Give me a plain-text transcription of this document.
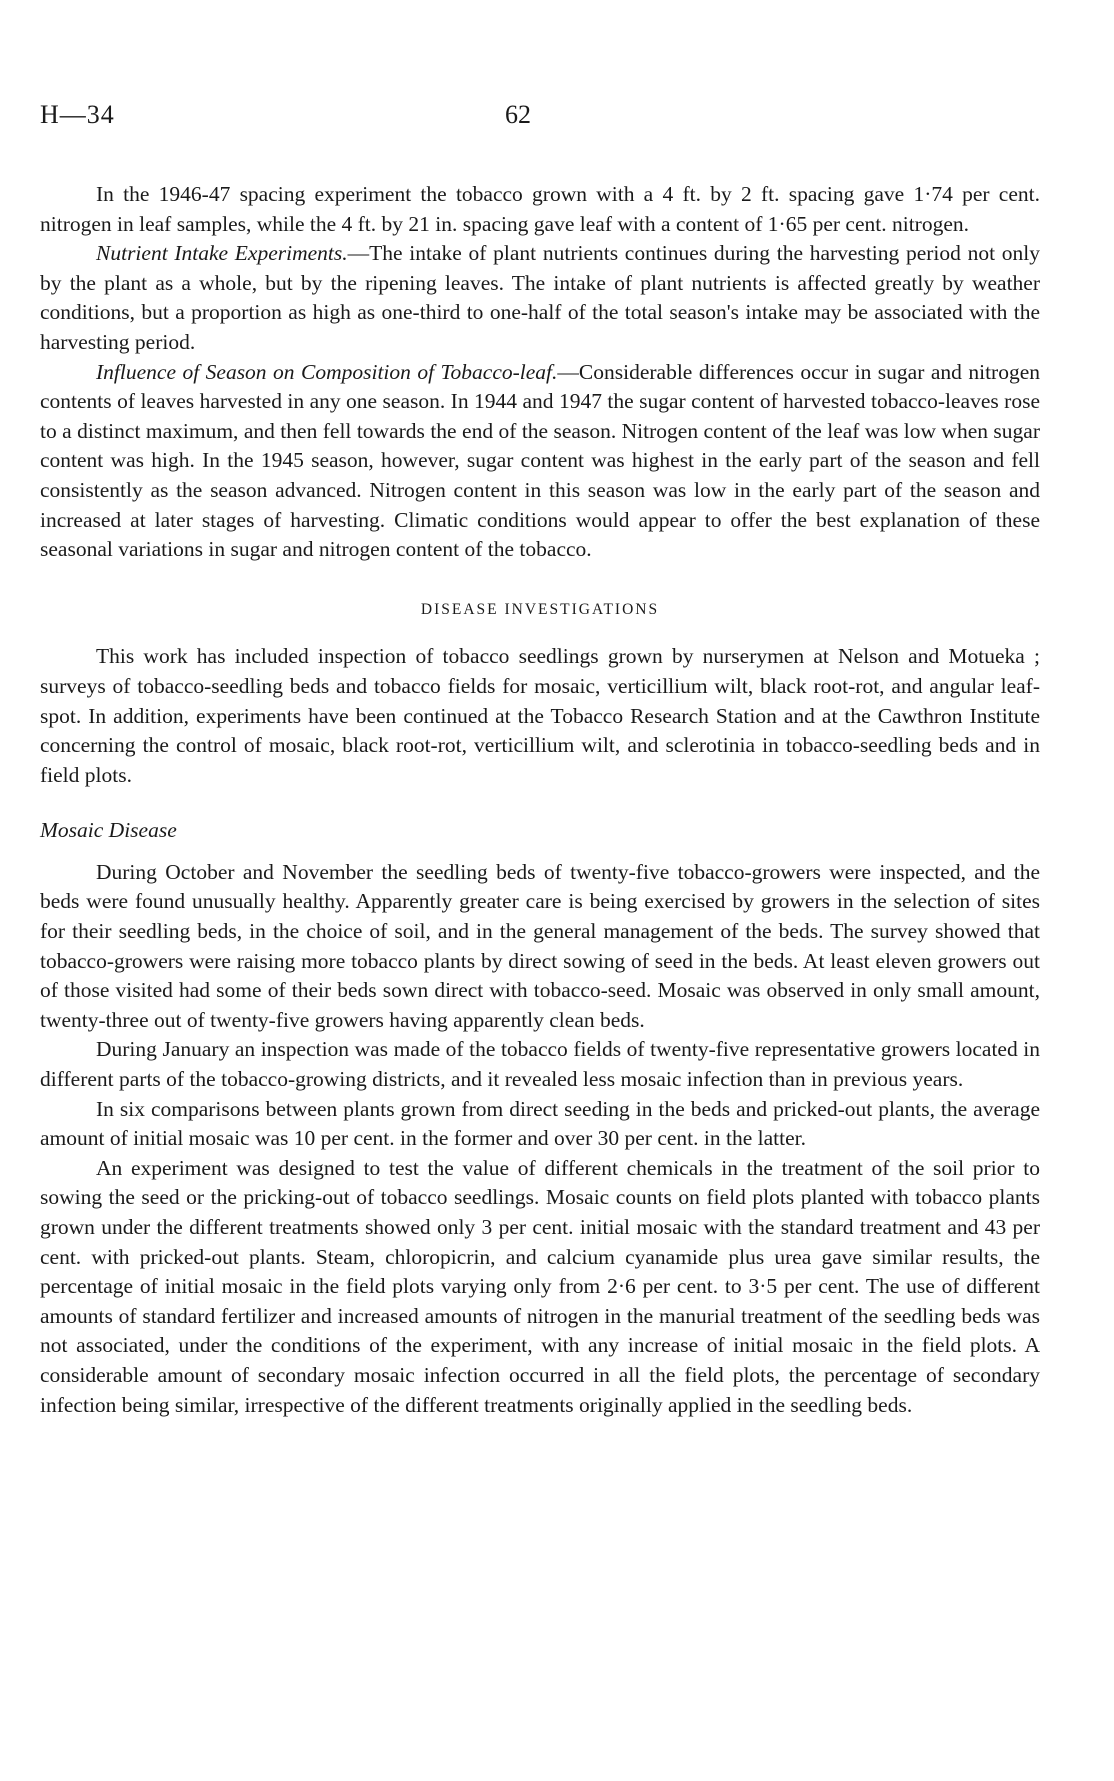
H—34	62

In the 1946-47 spacing experiment the tobacco grown with a 4 ft. by 2 ft. spacing gave 1·74 per cent. nitrogen in leaf samples, while the 4 ft. by 21 in. spacing gave leaf with a content of 1·65 per cent. nitrogen.

Nutrient Intake Experiments.—The intake of plant nutrients continues during the harvesting period not only by the plant as a whole, but by the ripening leaves. The intake of plant nutrients is affected greatly by weather conditions, but a proportion as high as one-third to one-half of the total season's intake may be associated with the harvesting period.

Influence of Season on Composition of Tobacco-leaf.—Considerable differences occur in sugar and nitrogen contents of leaves harvested in any one season. In 1944 and 1947 the sugar content of harvested tobacco-leaves rose to a distinct maximum, and then fell towards the end of the season. Nitrogen content of the leaf was low when sugar content was high. In the 1945 season, however, sugar content was highest in the early part of the season and fell consistently as the season advanced. Nitrogen content in this season was low in the early part of the season and increased at later stages of harvesting. Climatic conditions would appear to offer the best explanation of these seasonal variations in sugar and nitrogen content of the tobacco.

DISEASE INVESTIGATIONS

This work has included inspection of tobacco seedlings grown by nurserymen at Nelson and Motueka ; surveys of tobacco-seedling beds and tobacco fields for mosaic, verticillium wilt, black root-rot, and angular leaf-spot. In addition, experiments have been continued at the Tobacco Research Station and at the Cawthron Institute concerning the control of mosaic, black root-rot, verticillium wilt, and sclerotinia in tobacco-seedling beds and in field plots.

Mosaic Disease

During October and November the seedling beds of twenty-five tobacco-growers were inspected, and the beds were found unusually healthy. Apparently greater care is being exercised by growers in the selection of sites for their seedling beds, in the choice of soil, and in the general management of the beds. The survey showed that tobacco-growers were raising more tobacco plants by direct sowing of seed in the beds. At least eleven growers out of those visited had some of their beds sown direct with tobacco-seed. Mosaic was observed in only small amount, twenty-three out of twenty-five growers having apparently clean beds.

During January an inspection was made of the tobacco fields of twenty-five representative growers located in different parts of the tobacco-growing districts, and it revealed less mosaic infection than in previous years.

In six comparisons between plants grown from direct seeding in the beds and pricked-out plants, the average amount of initial mosaic was 10 per cent. in the former and over 30 per cent. in the latter.

An experiment was designed to test the value of different chemicals in the treatment of the soil prior to sowing the seed or the pricking-out of tobacco seedlings. Mosaic counts on field plots planted with tobacco plants grown under the different treatments showed only 3 per cent. initial mosaic with the standard treatment and 43 per cent. with pricked-out plants. Steam, chloropicrin, and calcium cyanamide plus urea gave similar results, the percentage of initial mosaic in the field plots varying only from 2·6 per cent. to 3·5 per cent. The use of different amounts of standard fertilizer and increased amounts of nitrogen in the manurial treatment of the seedling beds was not associated, under the conditions of the experiment, with any increase of initial mosaic in the field plots. A considerable amount of secondary mosaic infection occurred in all the field plots, the percentage of secondary infection being similar, irrespective of the different treatments originally applied in the seedling beds.
